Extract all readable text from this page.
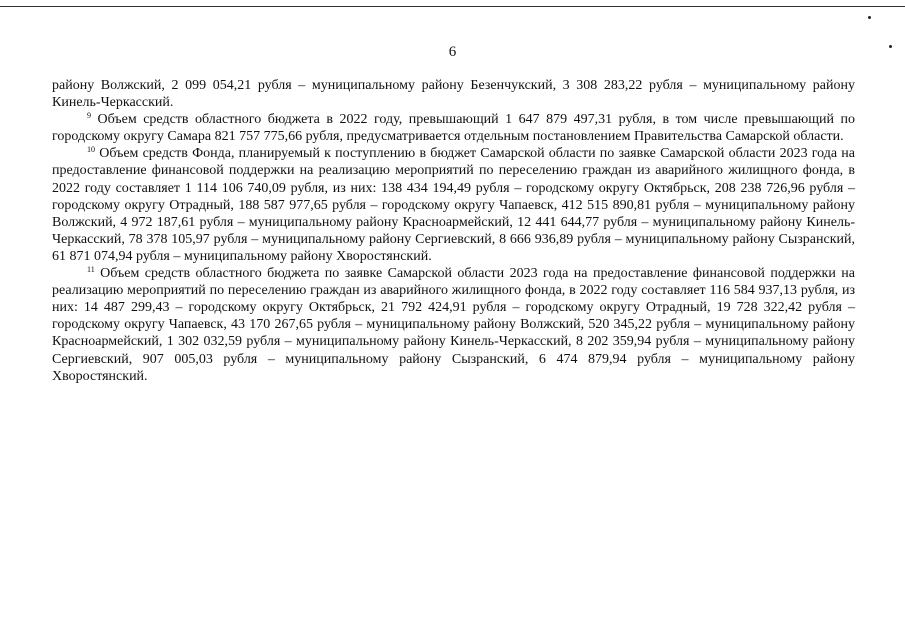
6

району Волжский, 2 099 054,21 рубля – муниципальному району Безенчукский, 3 308 283,22 рубля – муниципальному району Кинель-Черкасский.

$^9$ Объем средств областного бюджета в 2022 году, превышающий 1 647 879 497,31 рубля, в том числе превышающий по городскому округу Самара 821 757 775,66 рубля, предусматривается отдельным постановлением Правительства Самарской области.

$^{10}$ Объем средств Фонда, планируемый к поступлению в бюджет Самарской области по заявке Самарской области 2023 года на предоставление финансовой поддержки на реализацию мероприятий по переселению граждан из аварийного жилищного фонда, в 2022 году составляет 1 114 106 740,09 рубля, из них: 138 434 194,49 рубля – городскому округу Октябрьск, 208 238 726,96 рубля – городскому округу Отрадный, 188 587 977,65 рубля – городскому округу Чапаевск, 412 515 890,81 рубля – муниципальному району Волжский, 4 972 187,61 рубля – муниципальному району Красноармейский, 12 441 644,77 рубля – муниципальному району Кинель-Черкасский, 78 378 105,97 рубля – муниципальному району Сергиевский, 8 666 936,89 рубля – муниципальному району Сызранский, 61 871 074,94 рубля – муниципальному району Хворостянский.

$^{11}$ Объем средств областного бюджета по заявке Самарской области 2023 года на предоставление финансовой поддержки на реализацию мероприятий по переселению граждан из аварийного жилищного фонда, в 2022 году составляет 116 584 937,13 рубля, из них: 14 487 299,43 – городскому округу Октябрьск, 21 792 424,91 рубля – городскому округу Отрадный, 19 728 322,42 рубля – городскому округу Чапаевск, 43 170 267,65 рубля – муниципальному району Волжский, 520 345,22 рубля – муниципальному району Красноармейский, 1 302 032,59 рубля – муниципальному району Кинель-Черкасский, 8 202 359,94 рубля – муниципальному району Сергиевский, 907 005,03 рубля – муниципальному району Сызранский, 6 474 879,94 рубля – муниципальному району Хворостянский.
